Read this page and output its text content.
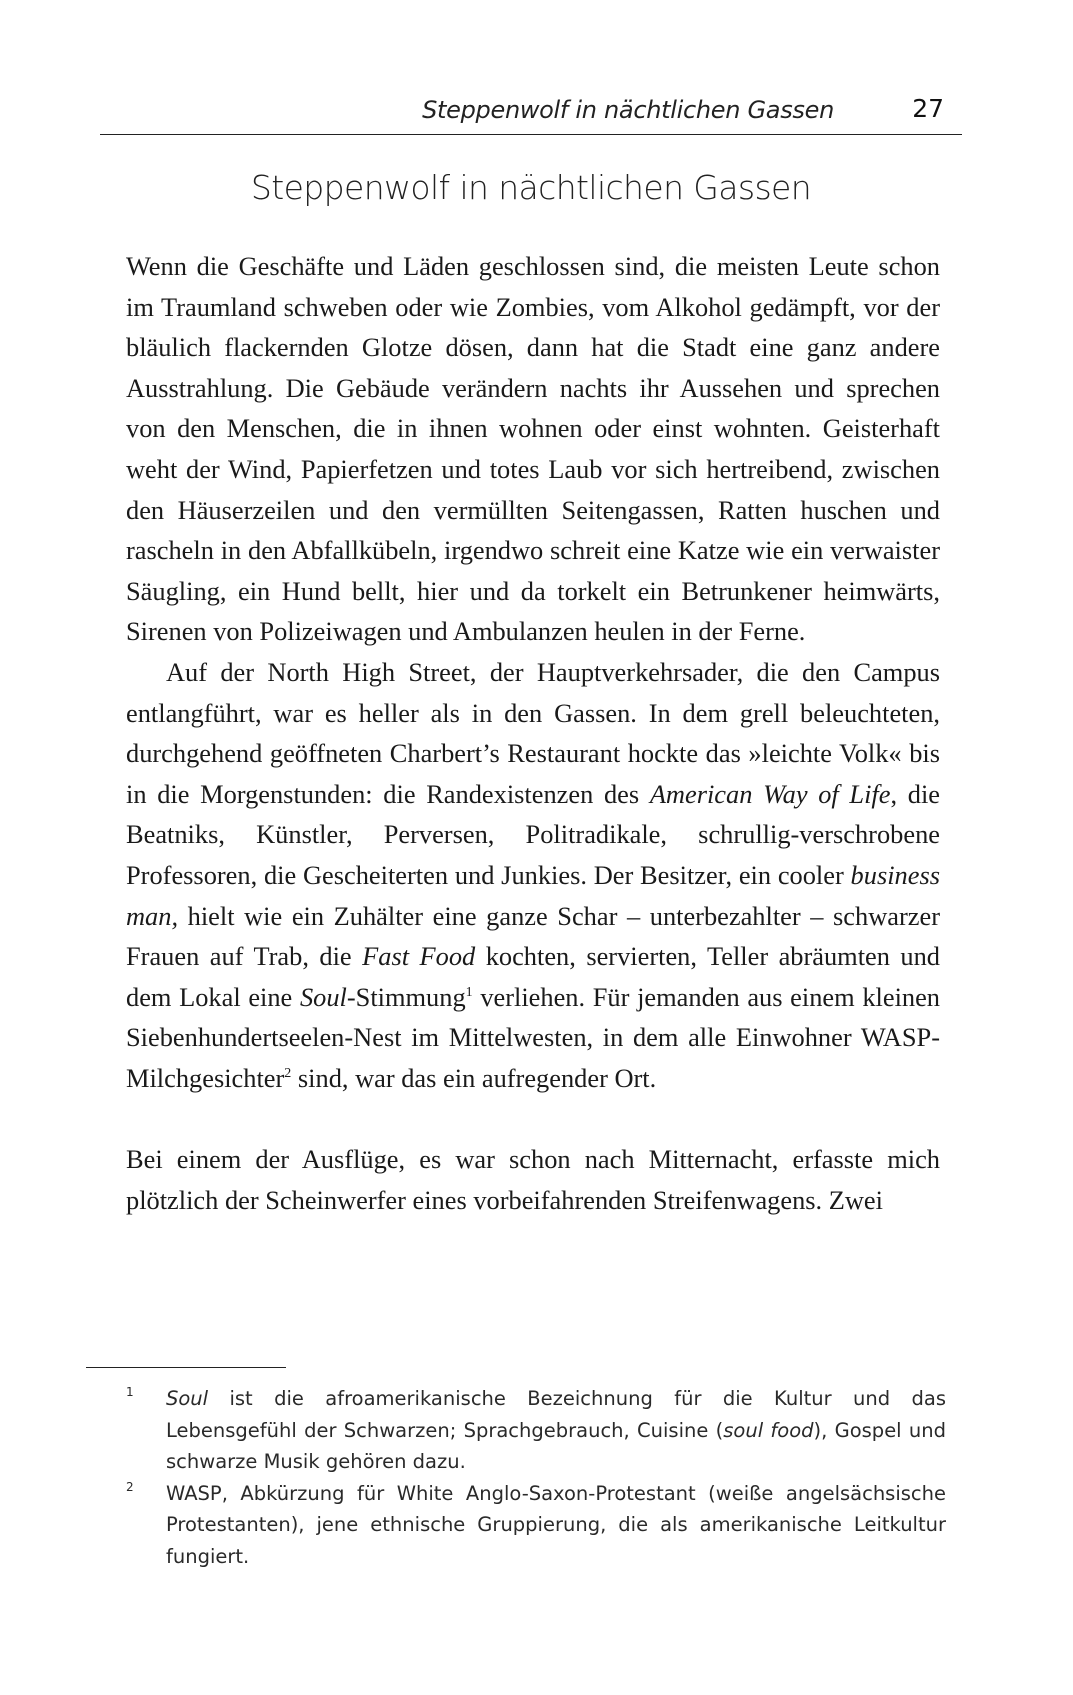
Steppenwolf in nächtlichen Gassen	27
Steppenwolf in nächtlichen Gassen

Wenn die Geschäfte und Läden geschlossen sind, die meisten Leute schon im Traumland schweben oder wie Zombies, vom Alkohol gedämpft, vor der bläulich flackernden Glotze dösen, dann hat die Stadt eine ganz andere Ausstrahlung. Die Gebäude verändern nachts ihr Aussehen und sprechen von den Menschen, die in ihnen wohnen oder einst wohnten. Geisterhaft weht der Wind, Papierfetzen und totes Laub vor sich hertreibend, zwischen den Häuserzeilen und den vermüllten Seitengassen, Ratten huschen und rascheln in den Abfallkübeln, irgendwo schreit eine Katze wie ein verwaister Säugling, ein Hund bellt, hier und da torkelt ein Betrunkener heimwärts, Sirenen von Polizeiwagen und Ambulanzen heulen in der Ferne.

Auf der North High Street, der Hauptverkehrsader, die den Campus entlangführt, war es heller als in den Gassen. In dem grell beleuchteten, durchgehend geöffneten Charbert’s Restaurant hockte das »leichte Volk« bis in die Morgenstunden: die Randexistenzen des American Way of Life, die Beatniks, Künstler, Perversen, Politradikale, schrullig-verschrobene Professoren, die Gescheiterten und Junkies. Der Besitzer, ein cooler business man, hielt wie ein Zuhälter eine ganze Schar – unterbezahlter – schwarzer Frauen auf Trab, die Fast Food kochten, servierten, Teller abräumten und dem Lokal eine Soul-Stimmung$^1$ verliehen. Für jemanden aus einem kleinen Siebenhundertseelen-Nest im Mittelwesten, in dem alle Einwohner WASP-Milchgesichter$^2$ sind, war das ein aufregender Ort.

Bei einem der Ausflüge, es war schon nach Mitternacht, erfasste mich plötzlich der Scheinwerfer eines vorbeifahrenden Streifenwagens. Zwei

1 Soul ist die afroamerikanische Bezeichnung für die Kultur und das Lebensgefühl der Schwarzen; Sprachgebrauch, Cuisine (soul food), Gospel und schwarze Musik gehören dazu.
2 WASP, Abkürzung für White Anglo-Saxon-Protestant (weiße angelsächsische Protestanten), jene ethnische Gruppierung, die als amerikanische Leitkultur fungiert.
